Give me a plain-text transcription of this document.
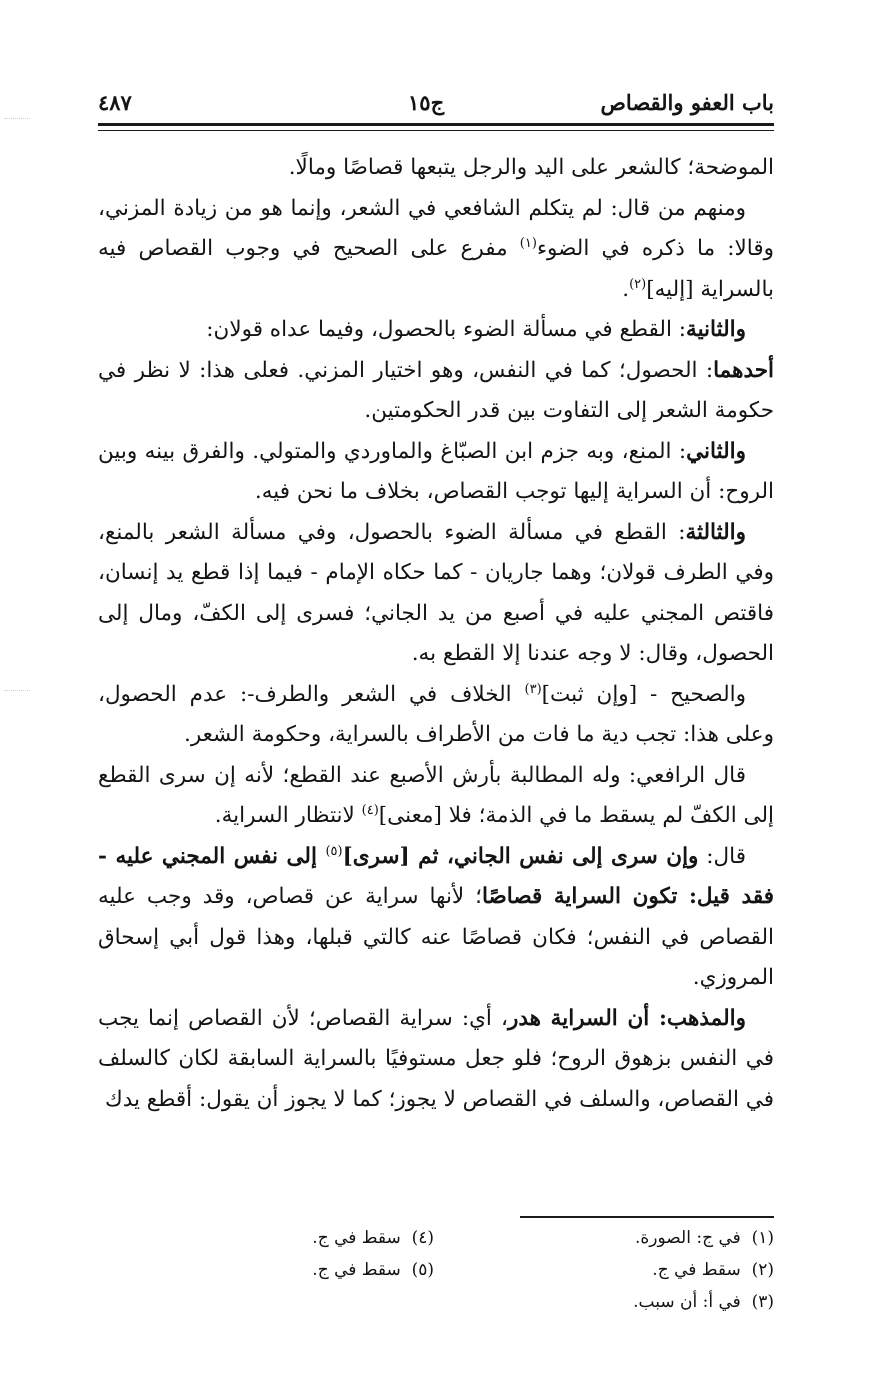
باب العفو والقصاص
ج١٥
٤٨٧

الموضحة؛ كالشعر على اليد والرجل يتبعها قصاصًا ومالًا.

ومنهم من قال: لم يتكلم الشافعي في الشعر، وإنما هو من زيادة المزني، وقالا: ما ذكره في الضوء$^{(١)}$ مفرع على الصحيح في وجوب القصاص فيه بالسراية [إليه]$^{(٢)}$.

والثانية: القطع في مسألة الضوء بالحصول، وفيما عداه قولان:

أحدهما: الحصول؛ كما في النفس، وهو اختيار المزني. فعلى هذا: لا نظر في حكومة الشعر إلى التفاوت بين قدر الحكومتين.

والثاني: المنع، وبه جزم ابن الصبّاغ والماوردي والمتولي. والفرق بينه وبين الروح: أن السراية إليها توجب القصاص، بخلاف ما نحن فيه.

والثالثة: القطع في مسألة الضوء بالحصول، وفي مسألة الشعر بالمنع، وفي الطرف قولان؛ وهما جاريان - كما حكاه الإمام - فيما إذا قطع يد إنسان، فاقتص المجني عليه في أصبع من يد الجاني؛ فسرى إلى الكفّ، ومال إلى الحصول، وقال: لا وجه عندنا إلا القطع به.

والصحيح - [وإن ثبت]$^{(٣)}$ الخلاف في الشعر والطرف-: عدم الحصول، وعلى هذا: تجب دية ما فات من الأطراف بالسراية، وحكومة الشعر.

قال الرافعي: وله المطالبة بأرش الأصبع عند القطع؛ لأنه إن سرى القطع إلى الكفّ لم يسقط ما في الذمة؛ فلا [معنى]$^{(٤)}$ لانتظار السراية.

قال: وإن سرى إلى نفس الجاني، ثم [سرى]$^{(٥)}$ إلى نفس المجني عليه - فقد قيل: تكون السراية قصاصًا؛ لأنها سراية عن قصاص، وقد وجب عليه القصاص في النفس؛ فكان قصاصًا عنه كالتي قبلها، وهذا قول أبي إسحاق المروزي.

والمذهب: أن السراية هدر، أي: سراية القصاص؛ لأن القصاص إنما يجب في النفس بزهوق الروح؛ فلو جعل مستوفيًا بالسراية السابقة لكان كالسلف في القصاص، والسلف في القصاص لا يجوز؛ كما لا يجوز أن يقول: أقطع يدك

(١)  في ج: الصورة.
(٢)  سقط في ج.
(٣)  في أ: أن سبب.
(٤)  سقط في ج.
(٥)  سقط في ج.
